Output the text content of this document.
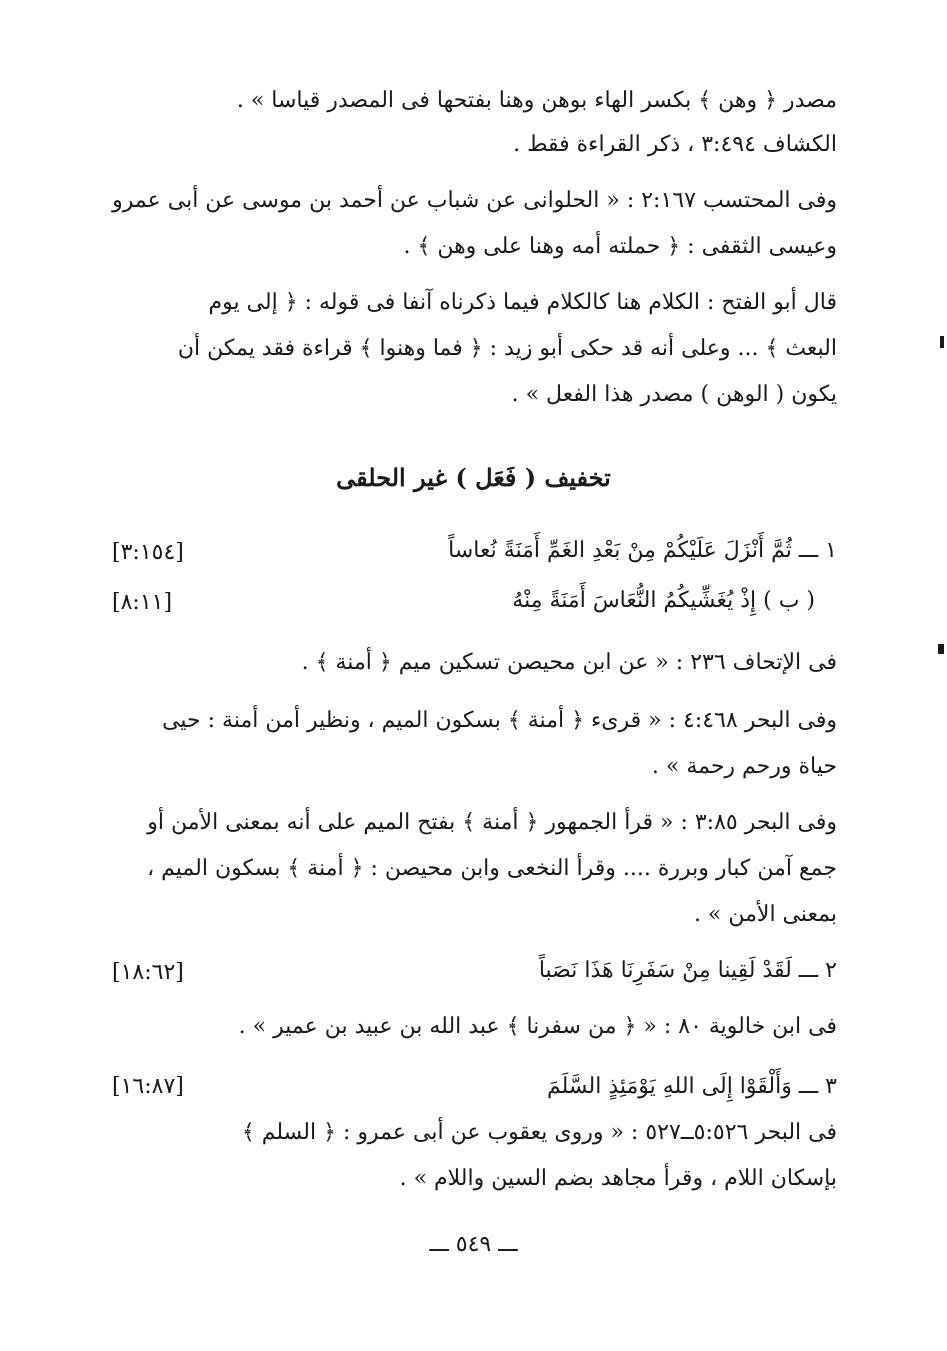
مصدر ﴿ وهن ﴾ بكسر الهاء بوهن وهنا بفتحها فى المصدر قياسا » .
الكشاف ٣:٤٩٤ ، ذكر القراءة فقط .
وفى المحتسب ٢:١٦٧ : « الحلوانى عن شباب عن أحمد بن موسى عن أبى عمرو
وعيسى الثقفى : ﴿ حملته أمه وهنا على وهن ﴾ .
قال أبو الفتح : الكلام هنا كالكلام فيما ذكرناه آنفا فى قوله : ﴿ إلى يوم
البعث ﴾ ... وعلى أنه قد حكى أبو زيد : ﴿ فما وهنوا ﴾ قراءة فقد يمكن أن
يكون ( الوهن ) مصدر هذا الفعل » .
تخفيف ( فَعَل ) غير الحلقى
١ ـــ ثُمَّ أَنْزَلَ عَلَيْكُمْ مِنْ بَعْدِ الغَمِّ أَمَنَةً نُعاساً
[٣:١٥٤]
( ب ) إِذْ يُغَشِّيكُمُ النُّعَاسَ أَمَنَةً مِنْهُ
[٨:١١]
فى الإتحاف ٢٣٦ : « عن ابن محيصن تسكين ميم ﴿ أمنة ﴾ .
وفى البحر ٤:٤٦٨ : « قرىء ﴿ أمنة ﴾ بسكون الميم ، ونظير أمن أمنة : حيى
حياة ورحم رحمة » .
وفى البحر ٣:٨٥ : « قرأ الجمهور ﴿ أمنة ﴾ بفتح الميم على أنه بمعنى الأمن أو
جمع آمن كبار وبررة .... وقرأ النخعى وابن محيصن : ﴿ أمنة ﴾ بسكون الميم ،
بمعنى الأمن » .
٢ ـــ لَقَدْ لَقِينا مِنْ سَفَرِنَا هَذَا نَصَباً
[١٨:٦٢]
فى ابن خالوية ٨٠ : « ﴿ من سفرنا ﴾ عبد الله بن عبيد بن عمير » .
٣ ـــ وَأَلْقَوْا إِلَى اللهِ يَوْمَئِذٍ السَّلَمَ
[١٦:٨٧]
فى البحر ٥:٥٢٦ــ٥٢٧ : « وروى يعقوب عن أبى عمرو : ﴿ السلم ﴾
بإسكان اللام ، وقرأ مجاهد بضم السين واللام » .
ـــ ٥٤٩ ـــ
